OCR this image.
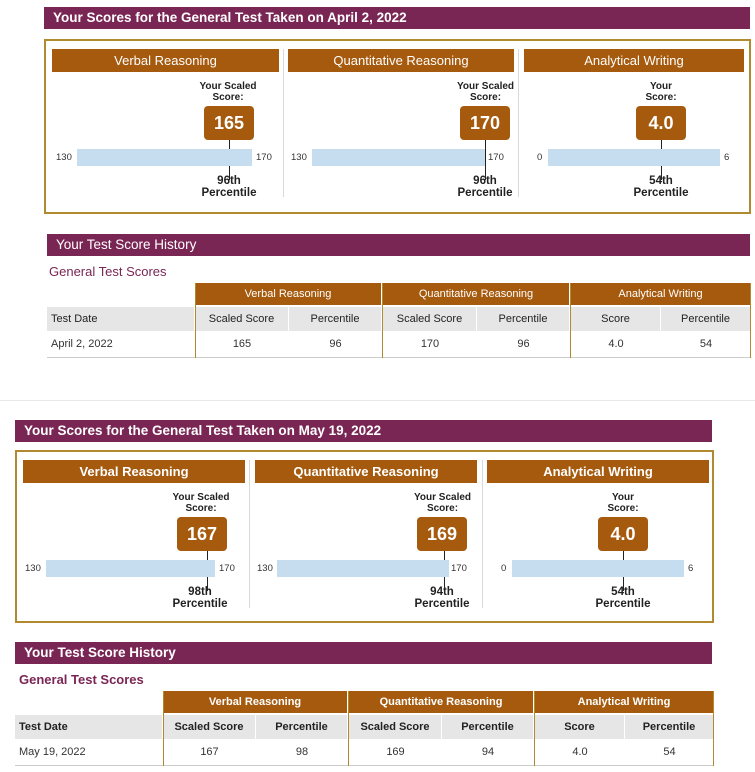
Your Scores for the General Test Taken on April 2, 2022
Verbal Reasoning
Your Scaled Score:
165
130	170
96th
Percentile
Quantitative Reasoning
Your Scaled Score:
170
130	170
96th
Percentile
Analytical Writing
Your Score:
4.0
0	6
54th
Percentile
Your Test Score History
General Test Scores
Verbal Reasoning	Quantitative Reasoning	Analytical Writing
Test Date	Scaled Score	Percentile	Scaled Score	Percentile	Score	Percentile
April 2, 2022	165	96	170	96	4.0	54
Your Scores for the General Test Taken on May 19, 2022
Verbal Reasoning
Your Scaled Score:
167
130	170
98th
Percentile
Quantitative Reasoning
Your Scaled Score:
169
130	170
94th
Percentile
Analytical Writing
Your Score:
4.0
0	6
54th
Percentile
Your Test Score History
General Test Scores
Verbal Reasoning	Quantitative Reasoning	Analytical Writing
Test Date	Scaled Score	Percentile	Scaled Score	Percentile	Score	Percentile
May 19, 2022	167	98	169	94	4.0	54
